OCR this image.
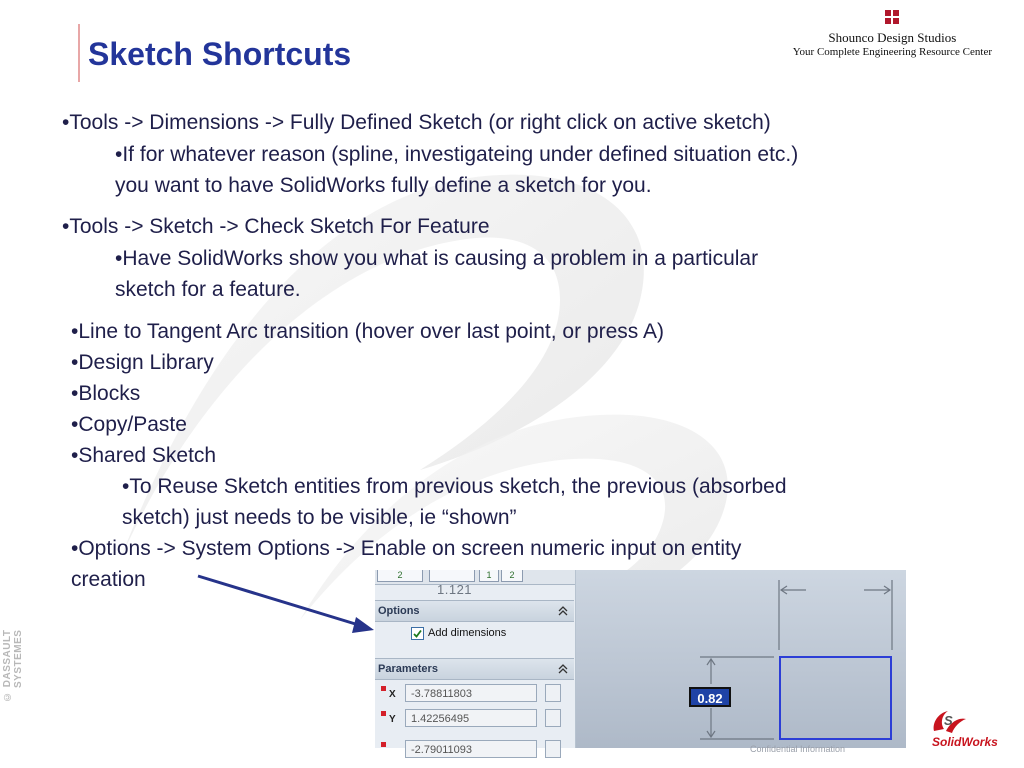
Sketch Shortcuts	Shounco Design Studios
Your Complete Engineering Resource Center

•Tools -> Dimensions -> Fully Defined Sketch (or right click on active sketch)

•If for whatever reason (spline, investigateing under defined situation etc.)

you want to have SolidWorks fully define a sketch for you.

•Tools -> Sketch -> Check Sketch For Feature

•Have SolidWorks show you what is causing a problem in a particular

sketch for a feature.

•Line to Tangent Arc transition (hover over last point, or press A)

•Design Library

•Blocks

•Copy/Paste

•Shared Sketch

•To Reuse Sketch entities from previous sketch, the previous (absorbed

sketch) just needs to be visible, ie “shown”

•Options -> System Options -> Enable on screen numeric input on entity

creation

© DASSAULT SYSTEMES
2	1	2
Options
Add dimensions
Parameters
X	-3.78811803
Y	1.42256495
-2.79011093
1.121
0.82
Confidential Information
S
SolidWorks
